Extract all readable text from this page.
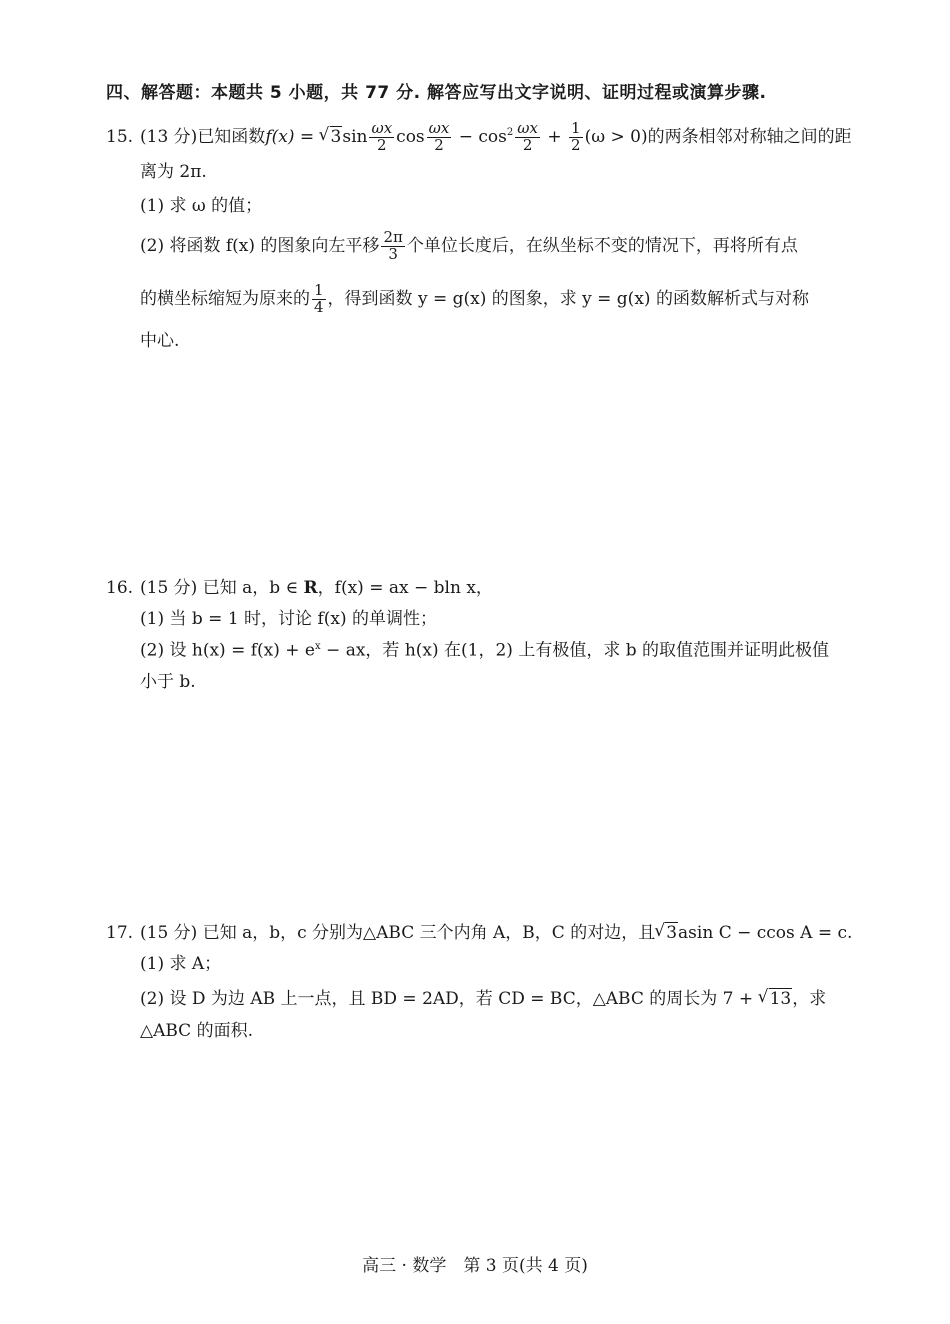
四、解答题：本题共 5 小题，共 77 分. 解答应写出文字说明、证明过程或演算步骤.
15. (13 分)已知函数f(x) = √ $3\sin \frac{\omega x}{2}$ $\cos \frac{\omega x}{2} - \cos^2 \frac{\omega x}{2} + \frac{1}{2} (\omega > 0)$的两条相邻对称轴之间的距
离为 2π.
(1) 求 ω 的值；
(2) 将函数 f(x) 的图象向左平移 $\frac{2\pi}{3}$ 个单位长度后，在纵坐标不变的情况下，再将所有点
的横坐标缩短为原来的 $\frac{1}{4}$ ，得到函数 y = g(x) 的图象，求 y = g(x) 的函数解析式与对称
中心.
16. (15 分) 已知 a，b ∈ R，f(x) = ax − bln x，
(1) 当 b = 1 时，讨论 f(x) 的单调性；
(2) 设 $h(x) = f(x) + e^x$ − ax，若 h(x) 在(1，2) 上有极值，求 b 的取值范围并证明此极值
小于 b.
17. (15 分) 已知 a，b，c 分别为△ABC 三个内角 A，B，C 的对边，且√ 3asin C − ccos A = c.
(1) 求 A；
(2) 设 D 为边 AB 上一点，且 BD = 2AD，若 CD = BC，△ABC 的周长为 7 + √ 13，求
△ABC 的面积.
高三 · 数学　第 3 页(共 4 页)
